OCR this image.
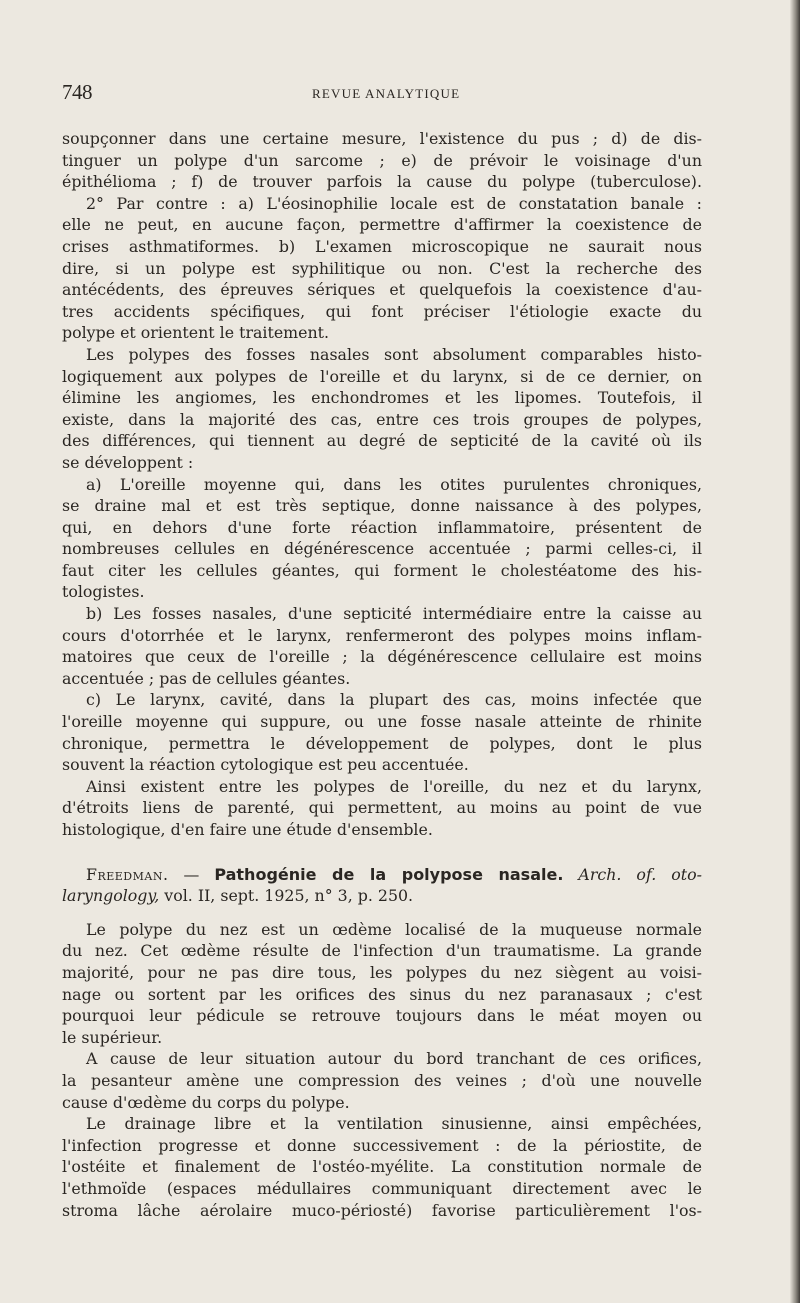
748	REVUE ANALYTIQUE
soupçonner dans une certaine mesure, l'existence du pus ; d) de dis-
tinguer un polype d'un sarcome ; e) de prévoir le voisinage d'un
épithélioma ; f) de trouver parfois la cause du polype (tuberculose).
2° Par contre : a) L'éosinophilie locale est de constatation banale :
elle ne peut, en aucune façon, permettre d'affirmer la coexistence de
crises asthmatiformes. b) L'examen microscopique ne saurait nous
dire, si un polype est syphilitique ou non. C'est la recherche des
antécédents, des épreuves sériques et quelquefois la coexistence d'au-
tres accidents spécifiques, qui font préciser l'étiologie exacte du
polype et orientent le traitement.
Les polypes des fosses nasales sont absolument comparables histo-
logiquement aux polypes de l'oreille et du larynx, si de ce dernier, on
élimine les angiomes, les enchondromes et les lipomes. Toutefois, il
existe, dans la majorité des cas, entre ces trois groupes de polypes,
des différences, qui tiennent au degré de septicité de la cavité où ils
se développent :
a) L'oreille moyenne qui, dans les otites purulentes chroniques,
se draine mal et est très septique, donne naissance à des polypes,
qui, en dehors d'une forte réaction inflammatoire, présentent de
nombreuses cellules en dégénérescence accentuée ; parmi celles-ci, il
faut citer les cellules géantes, qui forment le cholestéatome des his-
tologistes.
b) Les fosses nasales, d'une septicité intermédiaire entre la caisse au
cours d'otorrhée et le larynx, renfermeront des polypes moins inflam-
matoires que ceux de l'oreille ; la dégénérescence cellulaire est moins
accentuée ; pas de cellules géantes.
c) Le larynx, cavité, dans la plupart des cas, moins infectée que
l'oreille moyenne qui suppure, ou une fosse nasale atteinte de rhinite
chronique, permettra le développement de polypes, dont le plus
souvent la réaction cytologique est peu accentuée.
Ainsi existent entre les polypes de l'oreille, du nez et du larynx,
d'étroits liens de parenté, qui permettent, au moins au point de vue
histologique, d'en faire une étude d'ensemble.
Freedman. — Pathogénie de la polypose nasale. Arch. of. oto-
laryngology, vol. II, sept. 1925, n° 3, p. 250.
Le polype du nez est un œdème localisé de la muqueuse normale
du nez. Cet œdème résulte de l'infection d'un traumatisme. La grande
majorité, pour ne pas dire tous, les polypes du nez siègent au voisi-
nage ou sortent par les orifices des sinus du nez paranasaux ; c'est
pourquoi leur pédicule se retrouve toujours dans le méat moyen ou
le supérieur.
A cause de leur situation autour du bord tranchant de ces orifices,
la pesanteur amène une compression des veines ; d'où une nouvelle
cause d'œdème du corps du polype.
Le drainage libre et la ventilation sinusienne, ainsi empêchées,
l'infection progresse et donne successivement : de la périostite, de
l'ostéite et finalement de l'ostéo-myélite. La constitution normale de
l'ethmoïde (espaces médullaires communiquant directement avec le
stroma lâche aérolaire muco-périosté) favorise particulièrement l'os-
